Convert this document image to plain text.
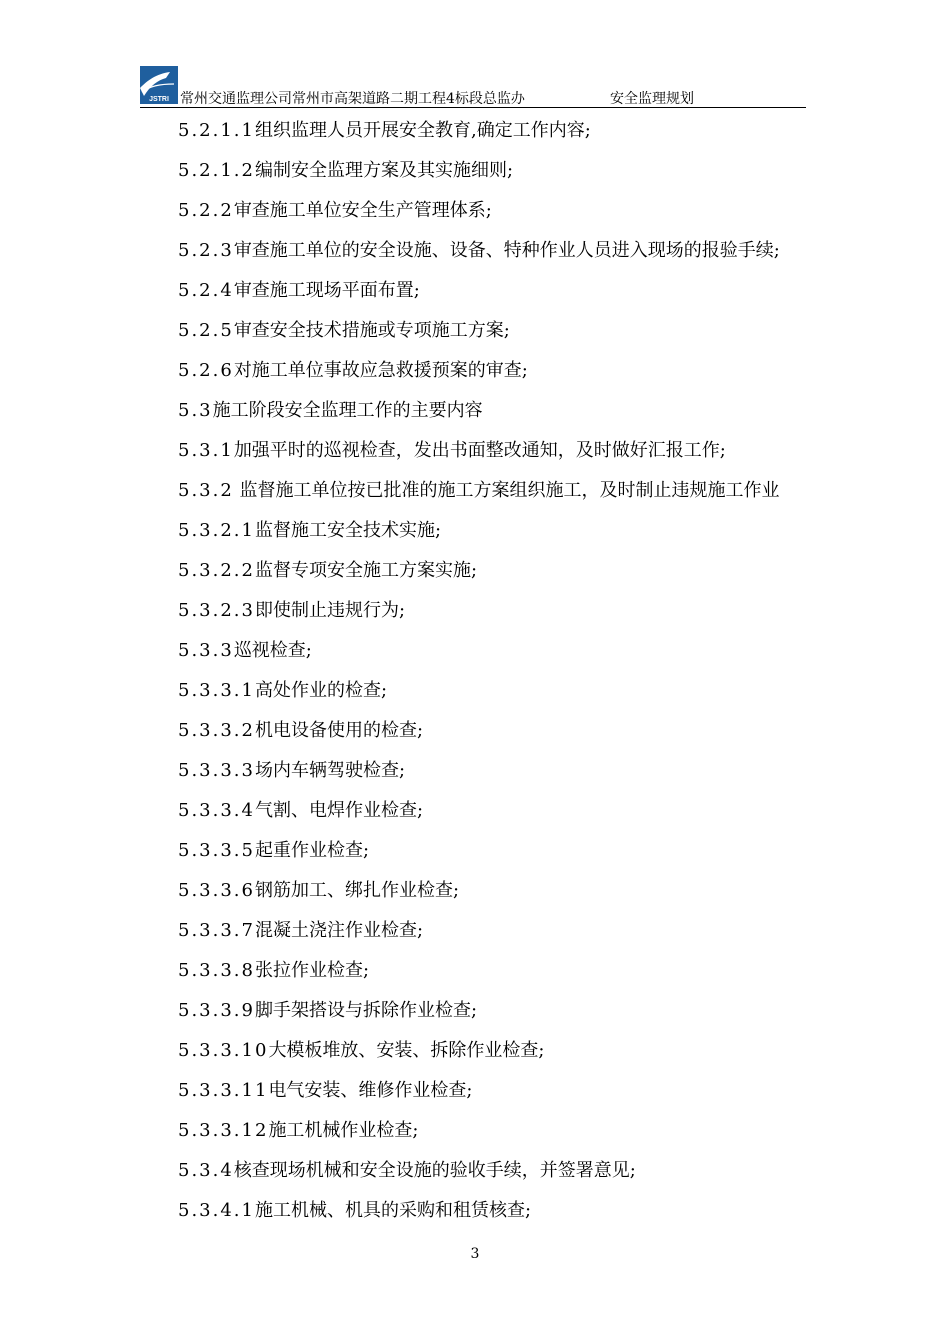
JSTRI 常州交通监理公司常州市高架道路二期工程4标段总监办	安全监理规划
5.2.1.1组织监理人员开展安全教育,确定工作内容;
5.2.1.2编制安全监理方案及其实施细则;
5.2.2审查施工单位安全生产管理体系;
5.2.3审查施工单位的安全设施、设备、特种作业人员进入现场的报验手续;
5.2.4审查施工现场平面布置;
5.2.5审查安全技术措施或专项施工方案;
5.2.6对施工单位事故应急救援预案的审查;
5.3施工阶段安全监理工作的主要内容
5.3.1加强平时的巡视检查，发出书面整改通知，及时做好汇报工作;
5.3.2 监督施工单位按已批准的施工方案组织施工，及时制止违规施工作业
5.3.2.1监督施工安全技术实施;
5.3.2.2监督专项安全施工方案实施;
5.3.2.3即使制止违规行为;
5.3.3巡视检查;
5.3.3.1高处作业的检查;
5.3.3.2机电设备使用的检查;
5.3.3.3场内车辆驾驶检查;
5.3.3.4气割、电焊作业检查;
5.3.3.5起重作业检查;
5.3.3.6钢筋加工、绑扎作业检查;
5.3.3.7混凝土浇注作业检查;
5.3.3.8张拉作业检查;
5.3.3.9脚手架搭设与拆除作业检查;
5.3.3.10大模板堆放、安装、拆除作业检查;
5.3.3.11电气安装、维修作业检查;
5.3.3.12施工机械作业检查;
5.3.4核查现场机械和安全设施的验收手续，并签署意见;
5.3.4.1施工机械、机具的采购和租赁核查;
3
